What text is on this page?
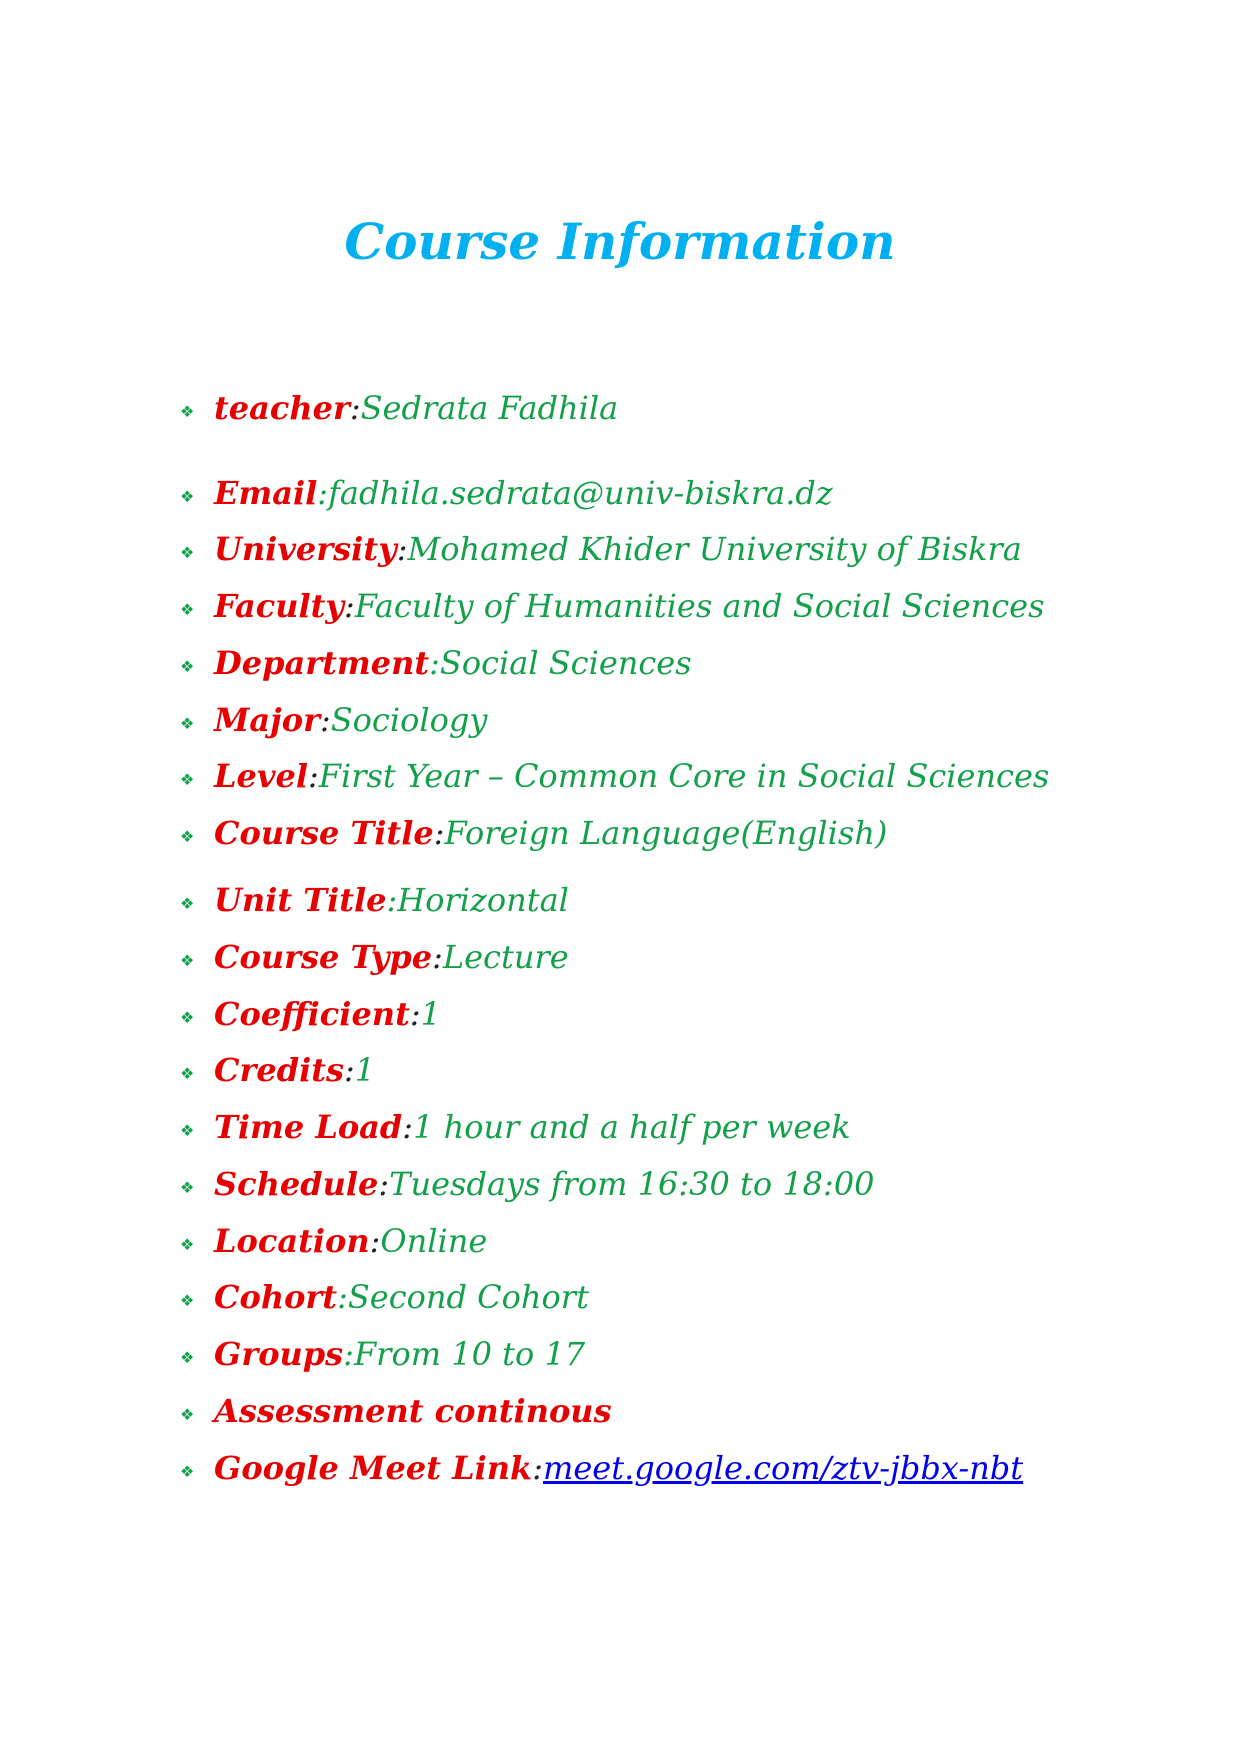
Course Information
❖ teacher : Sedrata Fadhila
❖ Email : fadhila.sedrata@univ-biskra.dz
❖ University : Mohamed Khider University of Biskra
❖ Faculty : Faculty of Humanities and Social Sciences
❖ Department : Social Sciences
❖ Major : Sociology
❖ Level : First Year – Common Core in Social Sciences
❖ Course Title : Foreign Language(English)
❖ Unit Title : Horizontal
❖ Course Type : Lecture
❖ Coefficient : 1
❖ Credits : 1
❖ Time Load : 1 hour and a half per week
❖ Schedule : Tuesdays from 16:30 to 18:00
❖ Location : Online
❖ Cohort : Second Cohort
❖ Groups : From 10 to 17
❖ Assessment continous
❖ Google Meet Link : meet.google.com/ztv-jbbx-nbt
